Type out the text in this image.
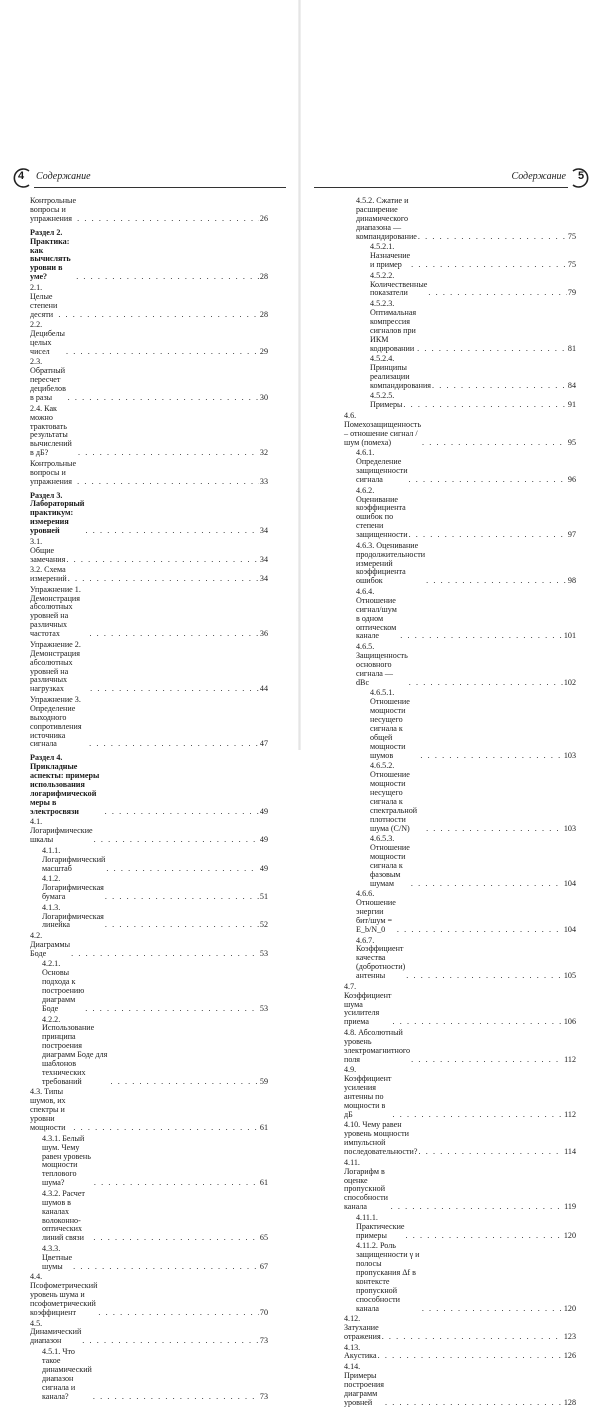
4	Содержание
Контрольные вопросы и упражнения . . .	26
Раздел 2. Практика: как вычислять уровни в уме? . . .	28
2.1. Целые степени десяти . . .	28
2.2. Децибелы целых чисел . . .	29
2.3. Обратный пересчет децибелов в разы . . .	30
2.4. Как можно трактовать результаты вычислений в дБ? . . .	32
Контрольные вопросы и упражнения . . .	33
Раздел 3. Лабораторный практикум: измерения уровней . . .	34
3.1. Общие замечания . . .	34
3.2. Схема измерений . . .	34
Упражнение 1. Демонстрация абсолютных уровней на различных частотах . . .	36
Упражнение 2. Демонстрация абсолютных уровней на различных нагрузках . . .	44
Упражнение 3. Определение выходного сопротивления источника сигнала . . .	47
Раздел 4. Прикладные аспекты: примеры использования логарифмической меры в электросвязи . . .	49
4.1. Логарифмические шкалы . . .	49
4.1.1. Логарифмический масштаб . . .	49
4.1.2. Логарифмическая бумага . . .	51
4.1.3. Логарифмическая линейка . . .	52
4.2. Диаграммы Боде . . .	53
4.2.1. Основы подхода к построению диаграмм Боде . . .	53
4.2.2. Использование принципа построения диаграмм Боде для шаблонов технических требований . . .	59
4.3. Типы шумов, их спектры и уровни мощности . . .	61
4.3.1. Белый шум. Чему равен уровень мощности теплового шума? . . .	61
4.3.2. Расчет шумов в каналах волоконно-оптических линий связи . . .	65
4.3.3. Цветные шумы . . .	67
4.4. Псофометрический уровень шума и псофометрический коэффициент . . .	70
4.5. Динамический диапазон . . .	73
4.5.1. Что такое динамический диапазон сигнала и канала? . . .	73
Содержание	5
4.5.2. Сжатие и расширение динамического диапазона — компандирование . . .	75
4.5.2.1. Назначение и пример . . .	75
4.5.2.2. Количественные показатели . . .	79
4.5.2.3. Оптимальная компрессия сигналов при ИКМ кодировании . . .	81
4.5.2.4. Принципы реализации компандирования . . .	84
4.5.2.5. Примеры . . .	91
4.6. Помехозащищенность – отношение сигнал / шум (помеха) . . .	95
4.6.1. Определение защищенности сигнала . . .	96
4.6.2. Оценивание коэффициента ошибок по степени защищенности . . .	97
4.6.3. Оценивание продолжительности измерений коэффициента ошибок . . .	98
4.6.4. Отношение сигнал/шум в одном оптическом канале . . .	101
4.6.5. Защищенность основного сигнала — dBc . . .	102
4.6.5.1. Отношение мощности несущего сигнала к общей мощности шумов . . .	103
4.6.5.2. Отношение мощности несущего сигнала к спектральной плотности шума (C/N) . . .	103
4.6.5.3. Отношение мощности сигнала к фазовым шумам . . .	104
4.6.6. Отношение энергии бит/шум = E_b/N_0 . . .	104
4.6.7. Коэффициент качества (добротности) антенны . . .	105
4.7. Коэффициент шума усилителя приема . . .	106
4.8. Абсолютный уровень электромагнитного поля . . .	112
4.9. Коэффициент усиления антенны по мощности в дБ . . .	112
4.10. Чему равен уровень мощности импульсной последовательности? . . .	114
4.11. Логарифм в оценке пропускной способности канала . . .	119
4.11.1. Практические примеры . . .	120
4.11.2. Роль защищенности γ и полосы пропускания Δf в контексте пропускной способности канала . . .	120
4.12. Затухание отражения . . .	123
4.13. Акустика . . .	126
4.14. Примеры построения диаграмм уровней . . .	128
